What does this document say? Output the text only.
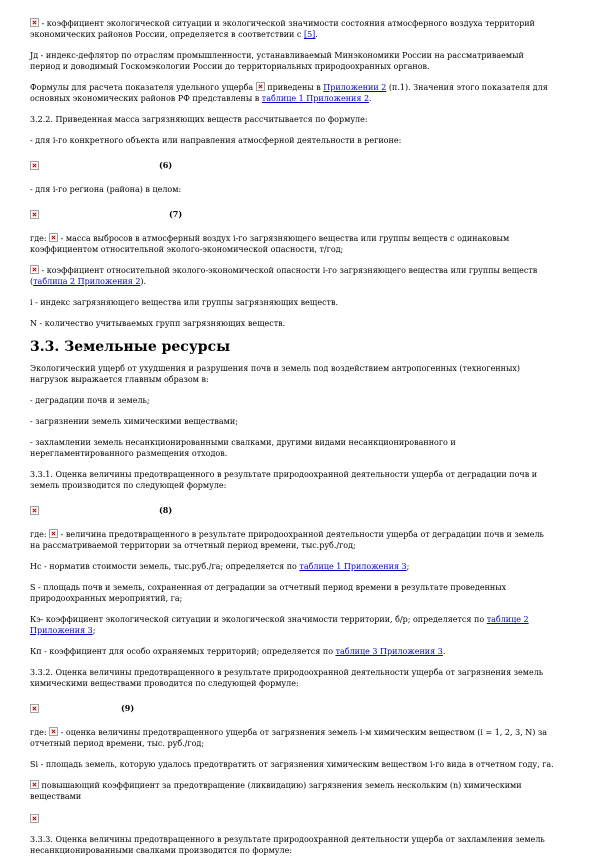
- коэффициент экологической ситуации и экологической значимости состояния атмосферного воздуха территорий экономических районов России, определяется в соответствии с [5].

Jд - индекс-дефлятор по отраслям промышленности, устанавливаемый Минэкономики России на рассматриваемый период и доводимый Госкомэкологии России до территориальных природоохранных органов.

Формулы для расчета показателя удельного ущерба  приведены в Приложении 2 (п.1). Значения этого показателя для основных экономических районов РФ представлены в таблице 1 Приложения 2.

3.2.2. Приведенная масса загрязняющих веществ рассчитывается по формуле:

- для i-го конкретного объекта или направления атмосферной деятельности в регионе:

(6)

- для i-го региона (района) в целом:

(7)

где:  - масса выбросов в атмосферный воздух i-го загрязняющего вещества или группы веществ с одинаковым коэффициентом относительной эколого-экономической опасности, т/год;

- коэффициент относительной эколого-экономической опасности i-го загрязняющего вещества или группы веществ (таблица 2 Приложения 2).

i - индекс загрязняющего вещества или группы загрязняющих веществ.

N - количество учитываемых групп загрязняющих веществ.

3.3. Земельные ресурсы

Экологический ущерб от ухудшения и разрушения почв и земель под воздействием антропогенных (техногенных) нагрузок выражается главным образом в:

- деградации почв и земель;

- загрязнении земель химическими веществами;

- захламлении земель несанкционированными свалками, другими видами несанкционированного и нерегламентированного размещения отходов.

3.3.1. Оценка величины предотвращенного в результате природоохранной деятельности ущерба от деградации почв и земель производится по следующей формуле:

(8)

где:  - величина предотвращенного в результате природоохранной деятельности ущерба от деградации почв и земель на рассматриваемой территории за отчетный период времени, тыс.руб./год;

Нс - норматив стоимости земель, тыс.руб./га; определяется по таблице 1 Приложения 3;

S - площадь почв и земель, сохраненная от деградации за отчетный период времени в результате проведенных природоохранных мероприятий, га;

Кэ- коэффициент экологической ситуации и экологической значимости территории, б/р; определяется по таблице 2 Приложения 3;

Кп - коэффициент для особо охраняемых территорий; определяется по таблице 3 Приложения 3.

3.3.2. Оценка величины предотвращенного в результате природоохранной деятельности ущерба от загрязнения земель химическими веществами проводится по следующей формуле:

(9)

где:  - оценка величины предотвращенного ущерба от загрязнения земель i-м химическим веществом (i = 1, 2, 3, N) за отчетный период времени, тыс. руб./год;

Si - площадь земель, которую удалось предотвратить от загрязнения химическим веществом i-го вида в отчетном году, га.

повышающий коэффициент за предотвращение (ликвидацию) загрязнения земель нескольким (n) химическими веществами

3.3.3. Оценка величины предотвращенного в результате природоохранной деятельности ущерба от захламления земель несанкционированными свалками производится по формуле:
